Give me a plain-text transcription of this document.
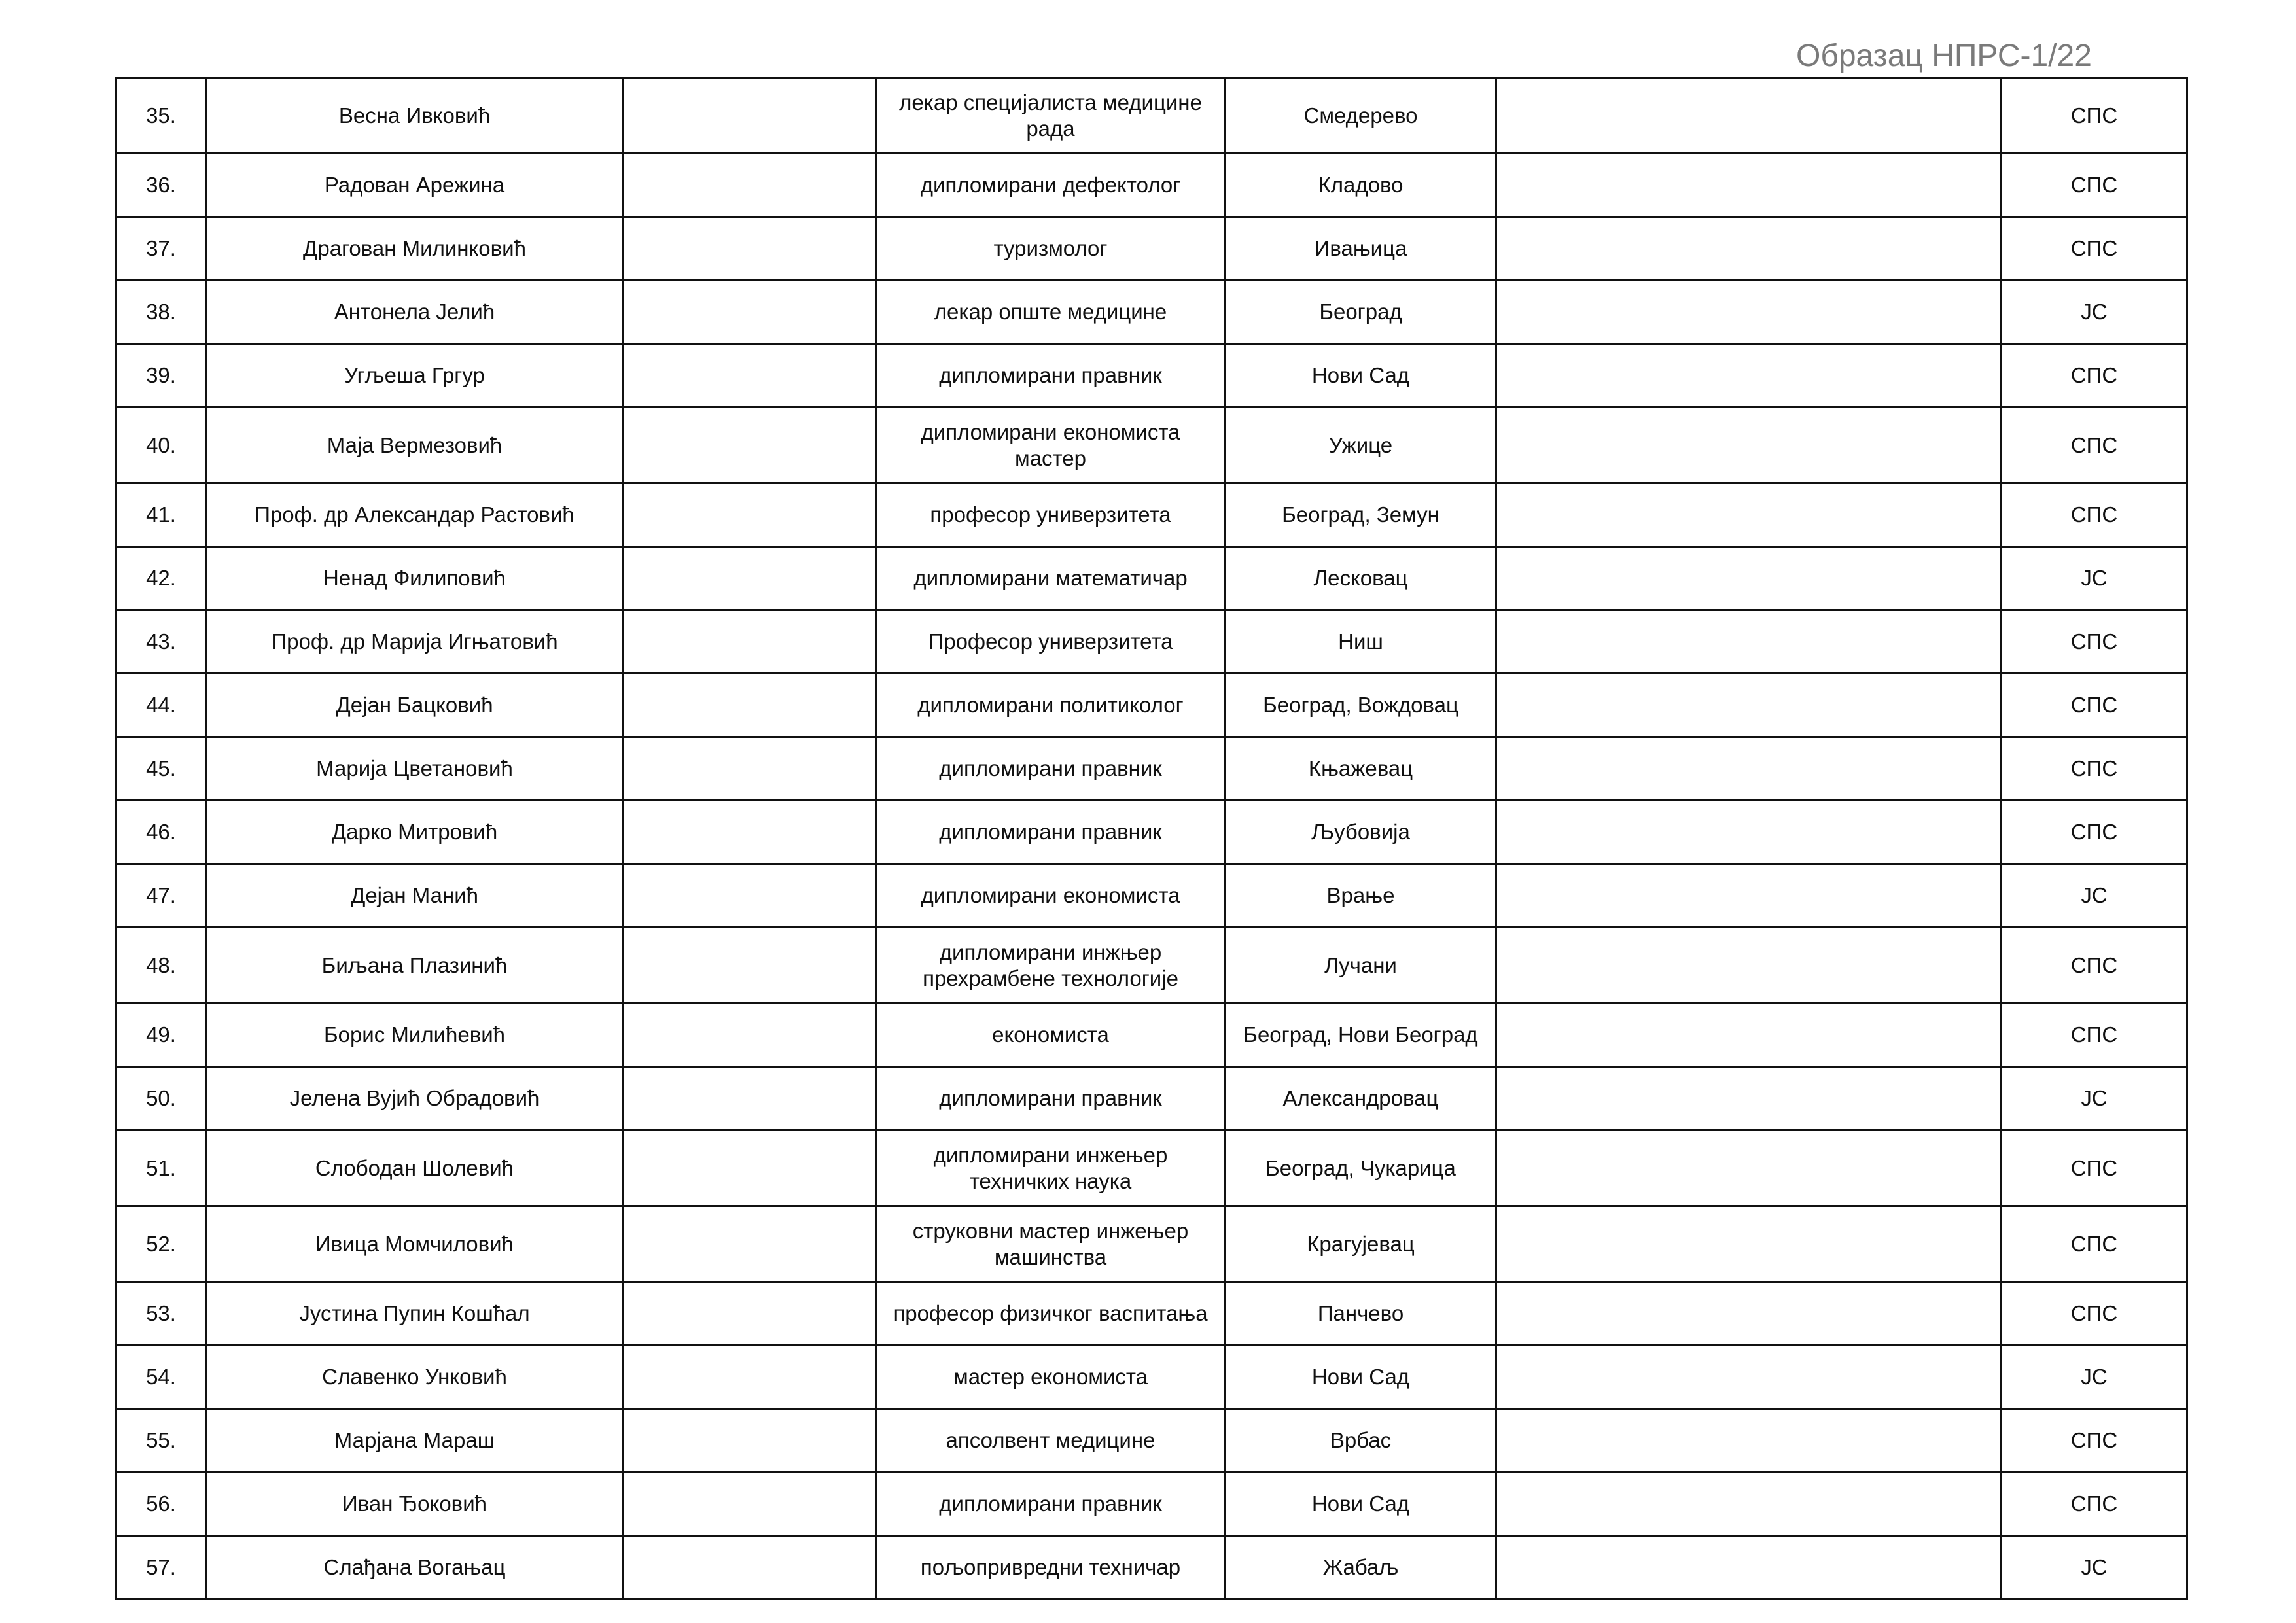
Образац НПРС-1/22
35.	Весна Ивковић		лекар специјалиста медицине рада	Смедерево		СПС
36.	Радован Арежина		дипломирани дефектолог	Кладово		СПС
37.	Драгован Милинковић		туризмолог	Ивањица		СПС
38.	Антонела Јелић		лекар опште медицине	Београд		ЈС
39.	Угљеша Гргур		дипломирани правник	Нови Сад		СПС
40.	Маја Вермезовић		дипломирани економиста мастер	Ужице		СПС
41.	Проф. др Александар Растовић		професор универзитета	Београд, Земун		СПС
42.	Ненад Филиповић		дипломирани математичар	Лесковац		ЈС
43.	Проф. др Марија Игњатовић		Професор универзитета	Ниш		СПС
44.	Дејан Бацковић		дипломирани политиколог	Београд, Вождовац		СПС
45.	Марија Цветановић		дипломирани правник	Књажевац		СПС
46.	Дарко Митровић		дипломирани правник	Љубовија		СПС
47.	Дејан Манић		дипломирани економиста	Врање		ЈС
48.	Биљана Плазинић		дипломирани инжњер прехрамбене технологије	Лучани		СПС
49.	Борис Милићевић		економиста	Београд, Нови Београд		СПС
50.	Јелена Вујић Обрадовић		дипломирани правник	Александровац		ЈС
51.	Слободан Шолевић		дипломирани инжењер техничких наука	Београд, Чукарица		СПС
52.	Ивица Момчиловић		струковни мастер инжењер машинства	Крагујевац		СПС
53.	Јустина Пупин Кошћал		професор физичког васпитања	Панчево		СПС
54.	Славенко Унковић		мастер економиста	Нови Сад		ЈС
55.	Марјана Мараш		апсолвент медицине	Врбас		СПС
56.	Иван Ђоковић		дипломирани правник	Нови Сад		СПС
57.	Слађана Вогањац		пољопривредни техничар	Жабаљ		ЈС
